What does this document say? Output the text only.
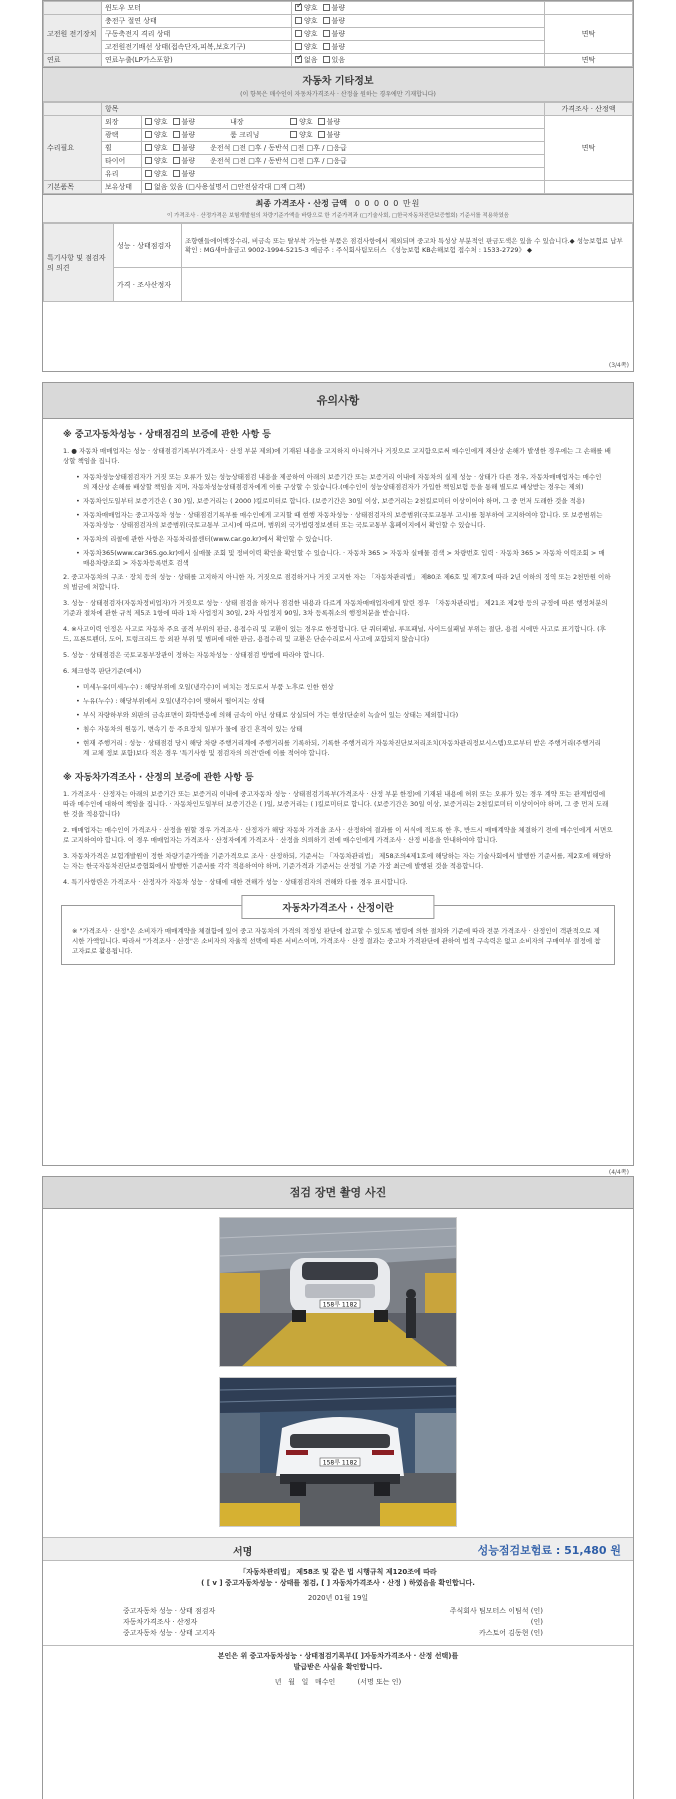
	윈도우 모터	✓양호 불량	
고전원 전기장치	충전구 절연 상태	양호 불량	면탁
	구동축전지 격리 상태	양호 불량	
	고전원전기배선 상태(접속단자,피복,보호기구)	양호 불량	
연료	연료누출(LP가스포함)	✓없음 있음	면탁
자동차 기타정보
(이 항목은 매수인이 자동차가격조사 · 산정을 원하는 경우에만 기재합니다)
	항목		가격조사 · 산정액
수리필요	외장	양호 불량 내장 양호 불량	면탁
	광택	양호 불량 룸 크리닝 양호 불량	
	휠	양호 불량 운전석 □전 □후 / 동반석 □전 □후 / □응급	
	타이어	양호 불량 운전석 □전 □후 / 동반석 □전 □후 / □응급	
	유리	양호 불량	
기본품목	보유상태	없음 있음 (□사용설명서 □안전삼각대 □잭 □책)	
최종 가격조사 · 산정 금액 0 0 0 0 0 만원
이 가격조사 · 산정가격은 보험개발원의 차량기준가액을 바탕으로 한 기준가격과 (□기술사회, □한국자동차진단보증협회) 기준서를 적용하였음
특기사항 및 점검자의 의견	성능 · 상태점검자	조향핸들에어백장수리, 비금속 또는 탈부착 가능한 부품은 점검사항에서 제외되며 중고차 특성상 부분적인 판금도색은 있을 수 있습니다.◆ 성능보험료 납부확인 : MG새마을금고 9002-1994-5215-3 예금주 : 주식회사팀모터스 《성능보험 KB손해보험 접수처 : 1533-2729》 ◆
	가격 · 조사산정자	
(3/4쪽)
유의사항
※ 중고자동차성능 · 상태점검의 보증에 관한 사항 등
1. ● 자동차 매매업자는 성능 · 상태점검기록부(가격조사 · 산정 부분 제외)에 기재된 내용을 고지하지 아니하거나 거짓으로 고지함으로써 매수인에게 재산상 손해가 발생한 경우에는 그 손해를 배상할 책임을 집니다.
• 자동차성능상태점검자가 거짓 또는 오류가 있는 성능상태점검 내용을 제공하여 아래의 보증기간 또는 보증거리 이내에 자동차의 실제 성능 · 상태가 다른 경우, 자동차매매업자는 매수인의 재산상 손해를 배상할 책임을 지며, 자동차성능상태점검자에게 이를 구상할 수 있습니다.(매수인이 성능상태점검자가 가입한 책임보험 등을 통해 별도로 배상받는 경우는 제외)
• 자동차인도일부터 보증기간은 ( 30 )일, 보증거리는 ( 2000 )킬로미터로 합니다. (보증기간은 30일 이상, 보증거리는 2천킬로미터 이상이어야 하며, 그 중 먼저 도래한 것을 적용)
• 자동차매매업자는 중고자동차 성능 · 상태점검기록부를 매수인에게 고지할 때 현행 자동차성능 · 상태점검자의 보증범위(국토교통부 고시)를 첨부하여 고지하여야 합니다. 또 보증범위는 자동차성능 · 상태점검자의 보증범위(국토교통부 고시)에 따르며, 범위외 국가법령정보센터 또는 국토교통부 홈페이지에서 확인할 수 있습니다.
• 자동차의 리콜에 관한 사항은 자동차리콜센터(www.car.go.kr)에서 확인할 수 있습니다.
• 자동차365(www.car365.go.kr)에서 실매물 조회 및 정비이력 확인을 확인할 수 있습니다. · 자동차 365 > 자동차 실매물 검색 > 차량번호 입력 · 자동차 365 > 자동차 이력조회 > 매매용차량조회 > 자동차등록번호 검색
2. 중고자동차의 구조 · 장치 등의 성능 · 상태를 고지하지 아니한 자, 거짓으로 점검하거나 거짓 고지한 자는 「자동차관리법」 제80조 제6호 및 제7호에 따라 2년 이하의 징역 또는 2천만원 이하의 벌금에 처합니다.
3. 성능 · 상태점검자(자동차정비업자)가 거짓으로 성능 · 상태 점검을 하거나 점검한 내용과 다르게 자동차매매업자에게 알린 경우 「자동차관리법」 제21조 제2항 등의 규정에 따른 행정처분의 기준과 절차에 관한 규칙 제5조 1항에 따라 1차 사업정지 30일, 2차 사업정지 90일, 3차 등록취소의 행정처분을 받습니다.
4. ※사고이력 인정은 사고로 자동차 주요 골격 부위의 판금, 용접수리 및 교환이 있는 경우로 한정합니다. 단 쿼터패널, 루프패널, 사이드실패널 부위는 절단, 용접 시에만 사고로 표기합니다. (후드, 프론트펜더, 도어, 트렁크리드 등 외판 부위 및 범퍼에 대한 판금, 용접수리 및 교환은 단순수리로서 사고에 포함되지 않습니다)
5. 성능 · 상태점검은 국토교통부장관이 정하는 자동차성능 · 상태점검 방법에 따라야 합니다.
6. 체크항목 판단기준(예시)
• 미세누유(미세누수) : 해당부위에 오일(냉각수)이 비치는 정도로서 부품 노후로 인한 현상
• 누유(누수) : 해당부위에서 오일(냉각수)이 맺혀서 떨어지는 상태
• 부식 자량하부와 외판의 금속표면이 화학반응에 의해 금속이 아닌 상태로 상실되어 가는 현상(단순히 녹슬어 있는 상태는 제외합니다)
• 침수 자동차의 원동기, 변속기 등 주요장치 일부가 물에 잠긴 흔적이 있는 상태
• 현재 주행거리 : 성능 · 상태점검 당시 해당 차량 주행거리계에 주행거리를 기록하되, 기록한 주행거리가 자동차진단보저리조치(자동차관리정보시스템)으로부터 받은 주행거리(주행거리계 교체 정보 포함)보다 적은 경우 '특기사항 및 점검자의 의견'란에 이를 적어야 합니다.
※ 자동차가격조사 · 산정의 보증에 관한 사항 등
1. 가격조사 · 산정자는 아래의 보증기간 또는 보증거리 이내에 중고자동차 성능 · 상태점검기록부(가격조사 · 산정 부분 한정)에 기재된 내용에 허위 또는 오류가 있는 경우 계약 또는 관계법령에 따라 매수인에 대하여 책임을 집니다. · 자동차인도일부터 보증기간은 ( )일, 보증거리는 ( )킬로미터로 합니다. (보증기간은 30일 이상, 보증거리는 2천킬로미터 이상이어야 하며, 그 중 먼저 도래한 것을 적용합니다)
2. 매매업자는 매수인이 가격조사 · 산정을 원할 경우 가격조사 · 산정자가 해당 자동차 가격을 조사 · 산정하여 결과를 이 서식에 적도록 한 후, 반드시 매매계약을 체결하기 전에 매수인에게 서면으로 고지하여야 합니다. 이 경우 매매업자는 가격조사 · 산정자에게 가격조사 · 산정을 의뢰하기 전에 매수인에게 가격조사 · 산정 비용을 안내하여야 합니다.
3. 자동차가격은 보험개발원이 정한 차량기준가액을 기준가격으로 조사 · 산정하되, 기준서는 「자동차관리법」 제58조의4제1호에 해당하는 자는 기술사회에서 발행한 기준서를, 제2호에 해당하는 자는 한국자동차진단보증협회에서 발행한 기준서를 각각 적용하여야 하며, 기준가격과 기준서는 산정일 기준 가장 최근에 발행된 것을 적용합니다.
4. 특기사항란은 가격조사 · 산정자가 자동차 성능 · 상태에 대한 견해가 성능 · 상태점검자의 견해와 다를 경우 표시합니다.
자동차가격조사 · 산정이란
※ "가격조사 · 산정"은 소비자가 매매계약을 체결함에 있어 중고 자동차의 가격의 적정성 판단에 참고할 수 있도록 법령에 의한 절차와 기준에 따라 전문 가격조사 · 산정인이 객관적으로 제시한 가액입니다. 따라서 "가격조사 · 산정"은 소비자의 자율적 선택에 따른 서비스이며, 가격조사 · 산정 결과는 중고차 가격판단에 관하여 법적 구속력은 없고 소비자의 구매여부 결정에 참고자료로 활용됩니다.
(4/4쪽)
점검 장면 촬영 사진
158루 1182
158루 1182
서명	성능점검보험료 : 51,480 원
「자동차관리법」 제58조 및 같은 법 시행규칙 제120조에 따라
( [ v ] 중고자동차성능 · 상태를 점검, [ ] 자동차가격조사 · 산정 ) 하였음을 확인합니다.
2020년 01월 19일
중고자동차 성능 · 상태 점검자	주식회사 팀모터스 이팀석 (인)
자동차가격조사 · 산정자	(인)
중고자동차 성능 · 상태 고지자	카스토어 김동현 (인)
본인은 위 중고자동차성능 · 상태점검기록부([ ]자동차가격조사 · 산정 선택)를
발급받은 사실을 확인합니다.
년   월   일   매수인          (서명 또는 인)
